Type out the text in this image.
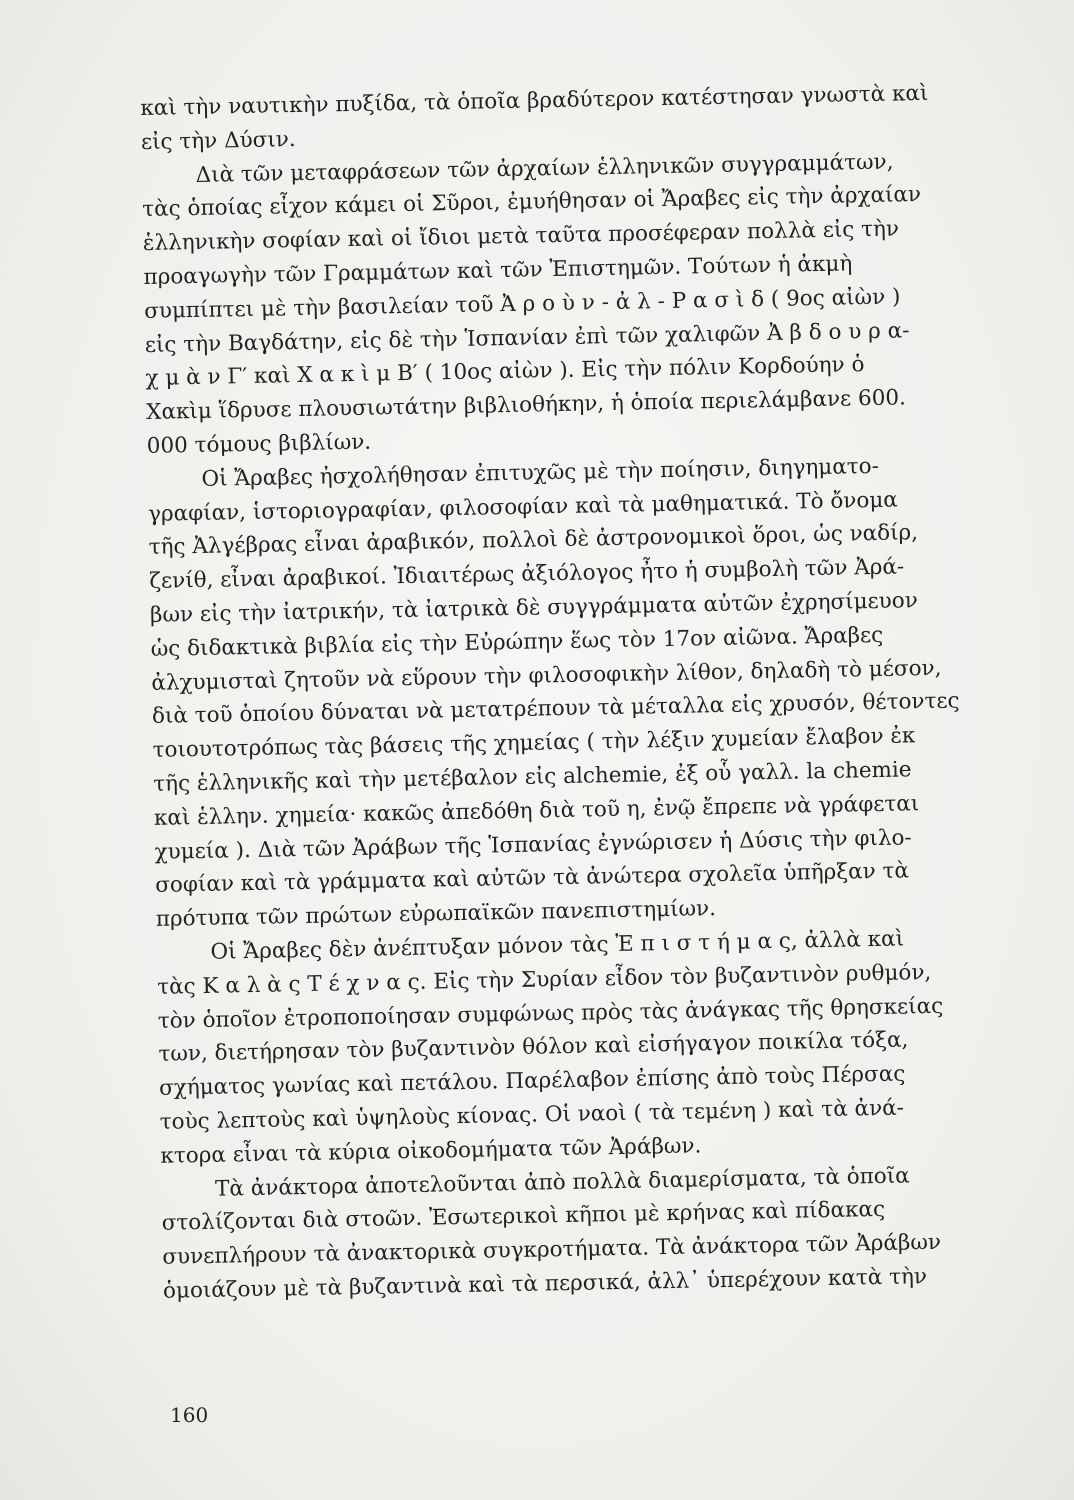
καὶ τὴν ναυτικὴν πυξίδα, τὰ ὁποῖα βραδύτερον κατέστησαν γνωστὰ καὶ
εἰς τὴν Δύσιν.
Διὰ τῶν μεταφράσεων τῶν ἀρχαίων ἑλληνικῶν συγγραμμάτων,
τὰς ὁποίας εἶχον κάμει οἱ Σῦροι, ἐμυήθησαν οἱ Ἄραβες εἰς τὴν ἀρχαίαν
ἑλληνικὴν σοφίαν καὶ οἱ ἴδιοι μετὰ ταῦτα προσέφεραν πολλὰ εἰς τὴν
προαγωγὴν τῶν Γραμμάτων καὶ τῶν Ἐπιστημῶν. Τούτων ἡ ἀκμὴ
συμπίπτει μὲ τὴν βασιλείαν τοῦ Ἀ ρ ο ὺ ν - ἀ λ - Ρ α σ ὶ δ ( 9ος αἰὼν )
εἰς τὴν Βαγδάτην, εἰς δὲ τὴν Ἱσπανίαν ἐπὶ τῶν χαλιφῶν Ἀ β δ ο υ ρ α-
χ μ ὰ ν Γ′ καὶ Χ α κ ὶ μ Β′ ( 10ος αἰὼν ). Εἰς τὴν πόλιν Κορδούην ὁ
Χακὶμ ἵδρυσε πλουσιωτάτην βιβλιοθήκην, ἡ ὁποία περιελάμβανε 600.
000 τόμους βιβλίων.
Οἱ Ἄραβες ἠσχολήθησαν ἐπιτυχῶς μὲ τὴν ποίησιν, διηγηματο-
γραφίαν, ἱστοριογραφίαν, φιλοσοφίαν καὶ τὰ μαθηματικά. Τὸ ὄνομα
τῆς Ἀλγέβρας εἶναι ἀραβικόν, πολλοὶ δὲ ἀστρονομικοὶ ὅροι, ὡς ναδίρ,
ζενίθ, εἶναι ἀραβικοί. Ἰδιαιτέρως ἀξιόλογος ἦτο ἡ συμβολὴ τῶν Ἀρά-
βων εἰς τὴν ἰατρικήν, τὰ ἰατρικὰ δὲ συγγράμματα αὐτῶν ἐχρησίμευον
ὡς διδακτικὰ βιβλία εἰς τὴν Εὐρώπην ἕως τὸν 17ον αἰῶνα. Ἄραβες
ἀλχυμισταὶ ζητοῦν νὰ εὕρουν τὴν φιλοσοφικὴν λίθον, δηλαδὴ τὸ μέσον,
διὰ τοῦ ὁποίου δύναται νὰ μετατρέπουν τὰ μέταλλα εἰς χρυσόν, θέτοντες
τοιουτοτρόπως τὰς βάσεις τῆς χημείας ( τὴν λέξιν χυμείαν ἔλαβον ἐκ
τῆς ἑλληνικῆς καὶ τὴν μετέβαλον εἰς alchemie, ἐξ οὗ γαλλ. la chemie
καὶ ἑλλην. χημεία· κακῶς ἀπεδόθη διὰ τοῦ η, ἐνῷ ἔπρεπε νὰ γράφεται
χυμεία ). Διὰ τῶν Ἀράβων τῆς Ἱσπανίας ἐγνώρισεν ἡ Δύσις τὴν φιλο-
σοφίαν καὶ τὰ γράμματα καὶ αὐτῶν τὰ ἀνώτερα σχολεῖα ὑπῆρξαν τὰ
πρότυπα τῶν πρώτων εὐρωπαϊκῶν πανεπιστημίων.
Οἱ Ἄραβες δὲν ἀνέπτυξαν μόνον τὰς Ἐ π ι σ τ ή μ α ς, ἀλλὰ καὶ
τὰς Κ α λ ὰ ς Τ έ χ ν α ς. Εἰς τὴν Συρίαν εἶδον τὸν βυζαντινὸν ρυθμόν,
τὸν ὁποῖον ἐτροποποίησαν συμφώνως πρὸς τὰς ἀνάγκας τῆς θρησκείας
των, διετήρησαν τὸν βυζαντινὸν θόλον καὶ εἰσήγαγον ποικίλα τόξα,
σχήματος γωνίας καὶ πετάλου. Παρέλαβον ἐπίσης ἀπὸ τοὺς Πέρσας
τοὺς λεπτοὺς καὶ ὑψηλοὺς κίονας. Οἱ ναοὶ ( τὰ τεμένη ) καὶ τὰ ἀνά-
κτορα εἶναι τὰ κύρια οἰκοδομήματα τῶν Ἀράβων.
Τὰ ἀνάκτορα ἀποτελοῦνται ἀπὸ πολλὰ διαμερίσματα, τὰ ὁποῖα
στολίζονται διὰ στοῶν. Ἐσωτερικοὶ κῆποι μὲ κρήνας καὶ πίδακας
συνεπλήρουν τὰ ἀνακτορικὰ συγκροτήματα. Τὰ ἀνάκτορα τῶν Ἀράβων
ὁμοιάζουν μὲ τὰ βυζαντινὰ καὶ τὰ περσικά, ἀλλ᾽ ὑπερέχουν κατὰ τὴν
160
